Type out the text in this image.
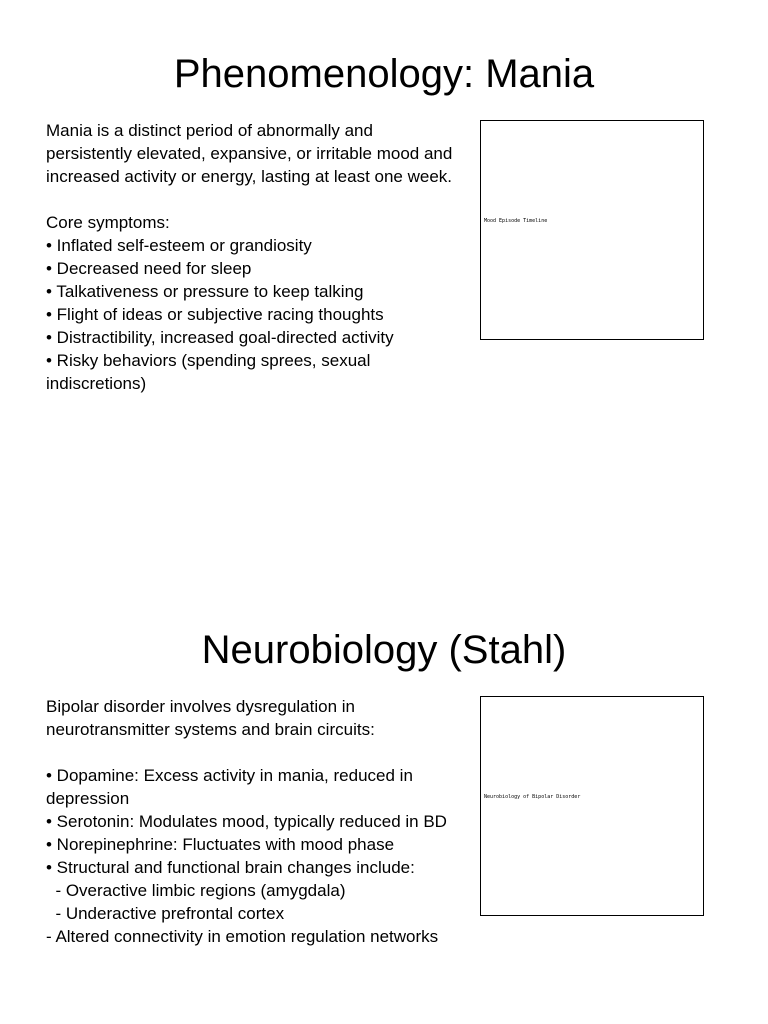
Phenomenology: Mania

Mania is a distinct period of abnormally and persistently elevated, expansive, or irritable mood and increased activity or energy, lasting at least one week.

Core symptoms:

• Inflated self-esteem or grandiosity

• Decreased need for sleep

• Talkativeness or pressure to keep talking

• Flight of ideas or subjective racing thoughts

• Distractibility, increased goal-directed activity

• Risky behaviors (spending sprees, sexual indiscretions)

Mood Episode Timeline
Neurobiology (Stahl)

Bipolar disorder involves dysregulation in neurotransmitter systems and brain circuits:

• Dopamine: Excess activity in mania, reduced in depression

• Serotonin: Modulates mood, typically reduced in BD

• Norepinephrine: Fluctuates with mood phase

• Structural and functional brain changes include:

- Overactive limbic regions (amygdala)

- Underactive prefrontal cortex

- Altered connectivity in emotion regulation networks

Neurobiology of Bipolar Disorder
